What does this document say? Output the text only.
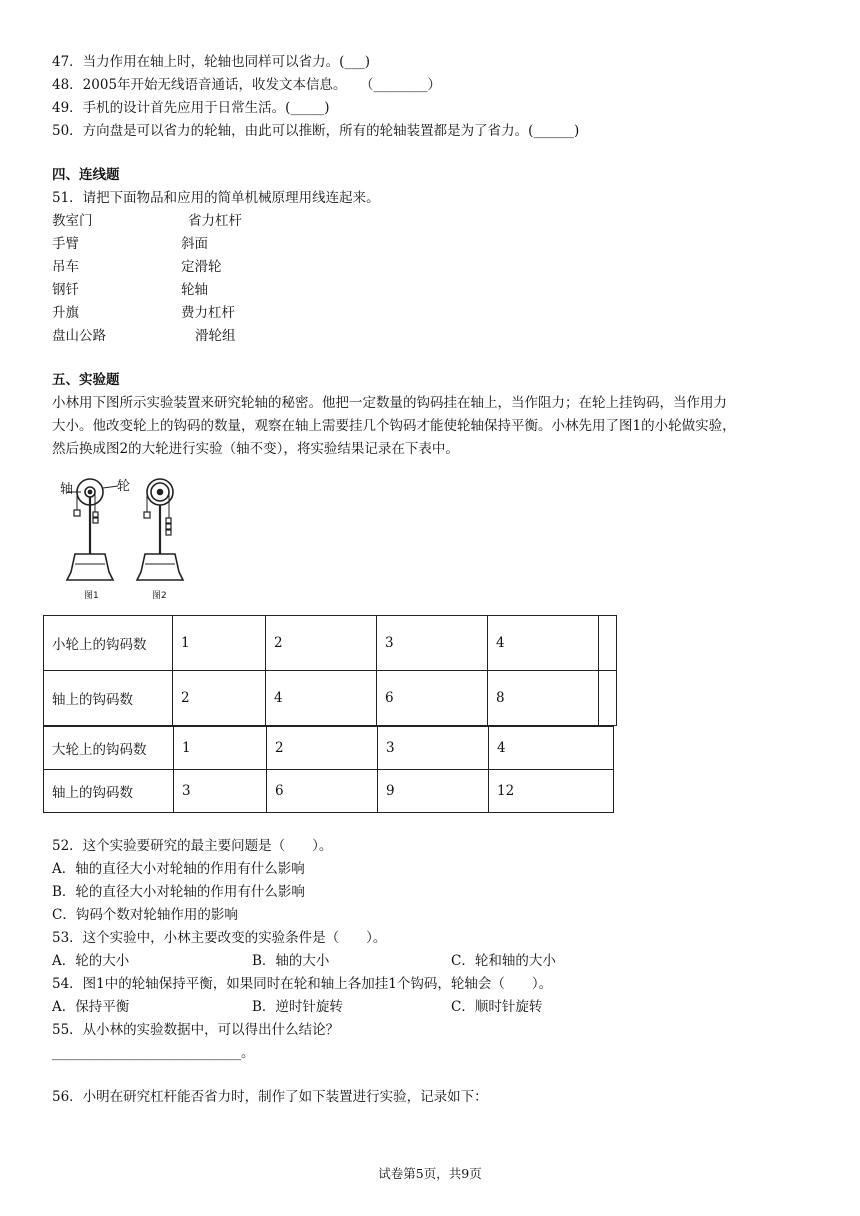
47．当力作用在轴上时，轮轴也同样可以省力。(___)
48．2005年开始无线语音通话，收发文本信息。　　（________）
49．手机的设计首先应用于日常生活。(_____)
50．方向盘是可以省力的轮轴，由此可以推断，所有的轮轴装置都是为了省力。(______)
四、连线题
51．请把下面物品和应用的简单机械原理用线连起来。
教室门
手臂
吊车
钢钎
升旗
盘山公路
省力杠杆
斜面
定滑轮
轮轴
费力杠杆
滑轮组
五、实验题
小林用下图所示实验装置来研究轮轴的秘密。他把一定数量的钩码挂在轴上，当作阻力；在轮上挂钩码，当作用力
大小。他改变轮上的钩码的数量，观察在轴上需要挂几个钩码才能使轮轴保持平衡。小林先用了图1的小轮做实验，
然后换成图2的大轮进行实验（轴不变），将实验结果记录在下表中。
轴	轮
图1	图2
小轮上的钩码数	1	2	3	4	
轴上的钩码数	2	4	6	8	
大轮上的钩码数	1	2	3	4
轴上的钩码数	3	6	9	12
52．这个实验要研究的最主要问题是（　　）。
A．轴的直径大小对轮轴的作用有什么影响
B．轮的直径大小对轮轴的作用有什么影响
C．钩码个数对轮轴作用的影响
53．这个实验中，小林主要改变的实验条件是（　　）。
A．轮的大小	B．轴的大小	C．轮和轴的大小
54．图1中的轮轴保持平衡，如果同时在轮和轴上各加挂1个钩码，轮轴会（　　）。
A．保持平衡	B．逆时针旋转	C．顺时针旋转
55．从小林的实验数据中，可以得出什么结论？
____________________________。
56．小明在研究杠杆能否省力时，制作了如下装置进行实验，记录如下：
试卷第5页，共9页
